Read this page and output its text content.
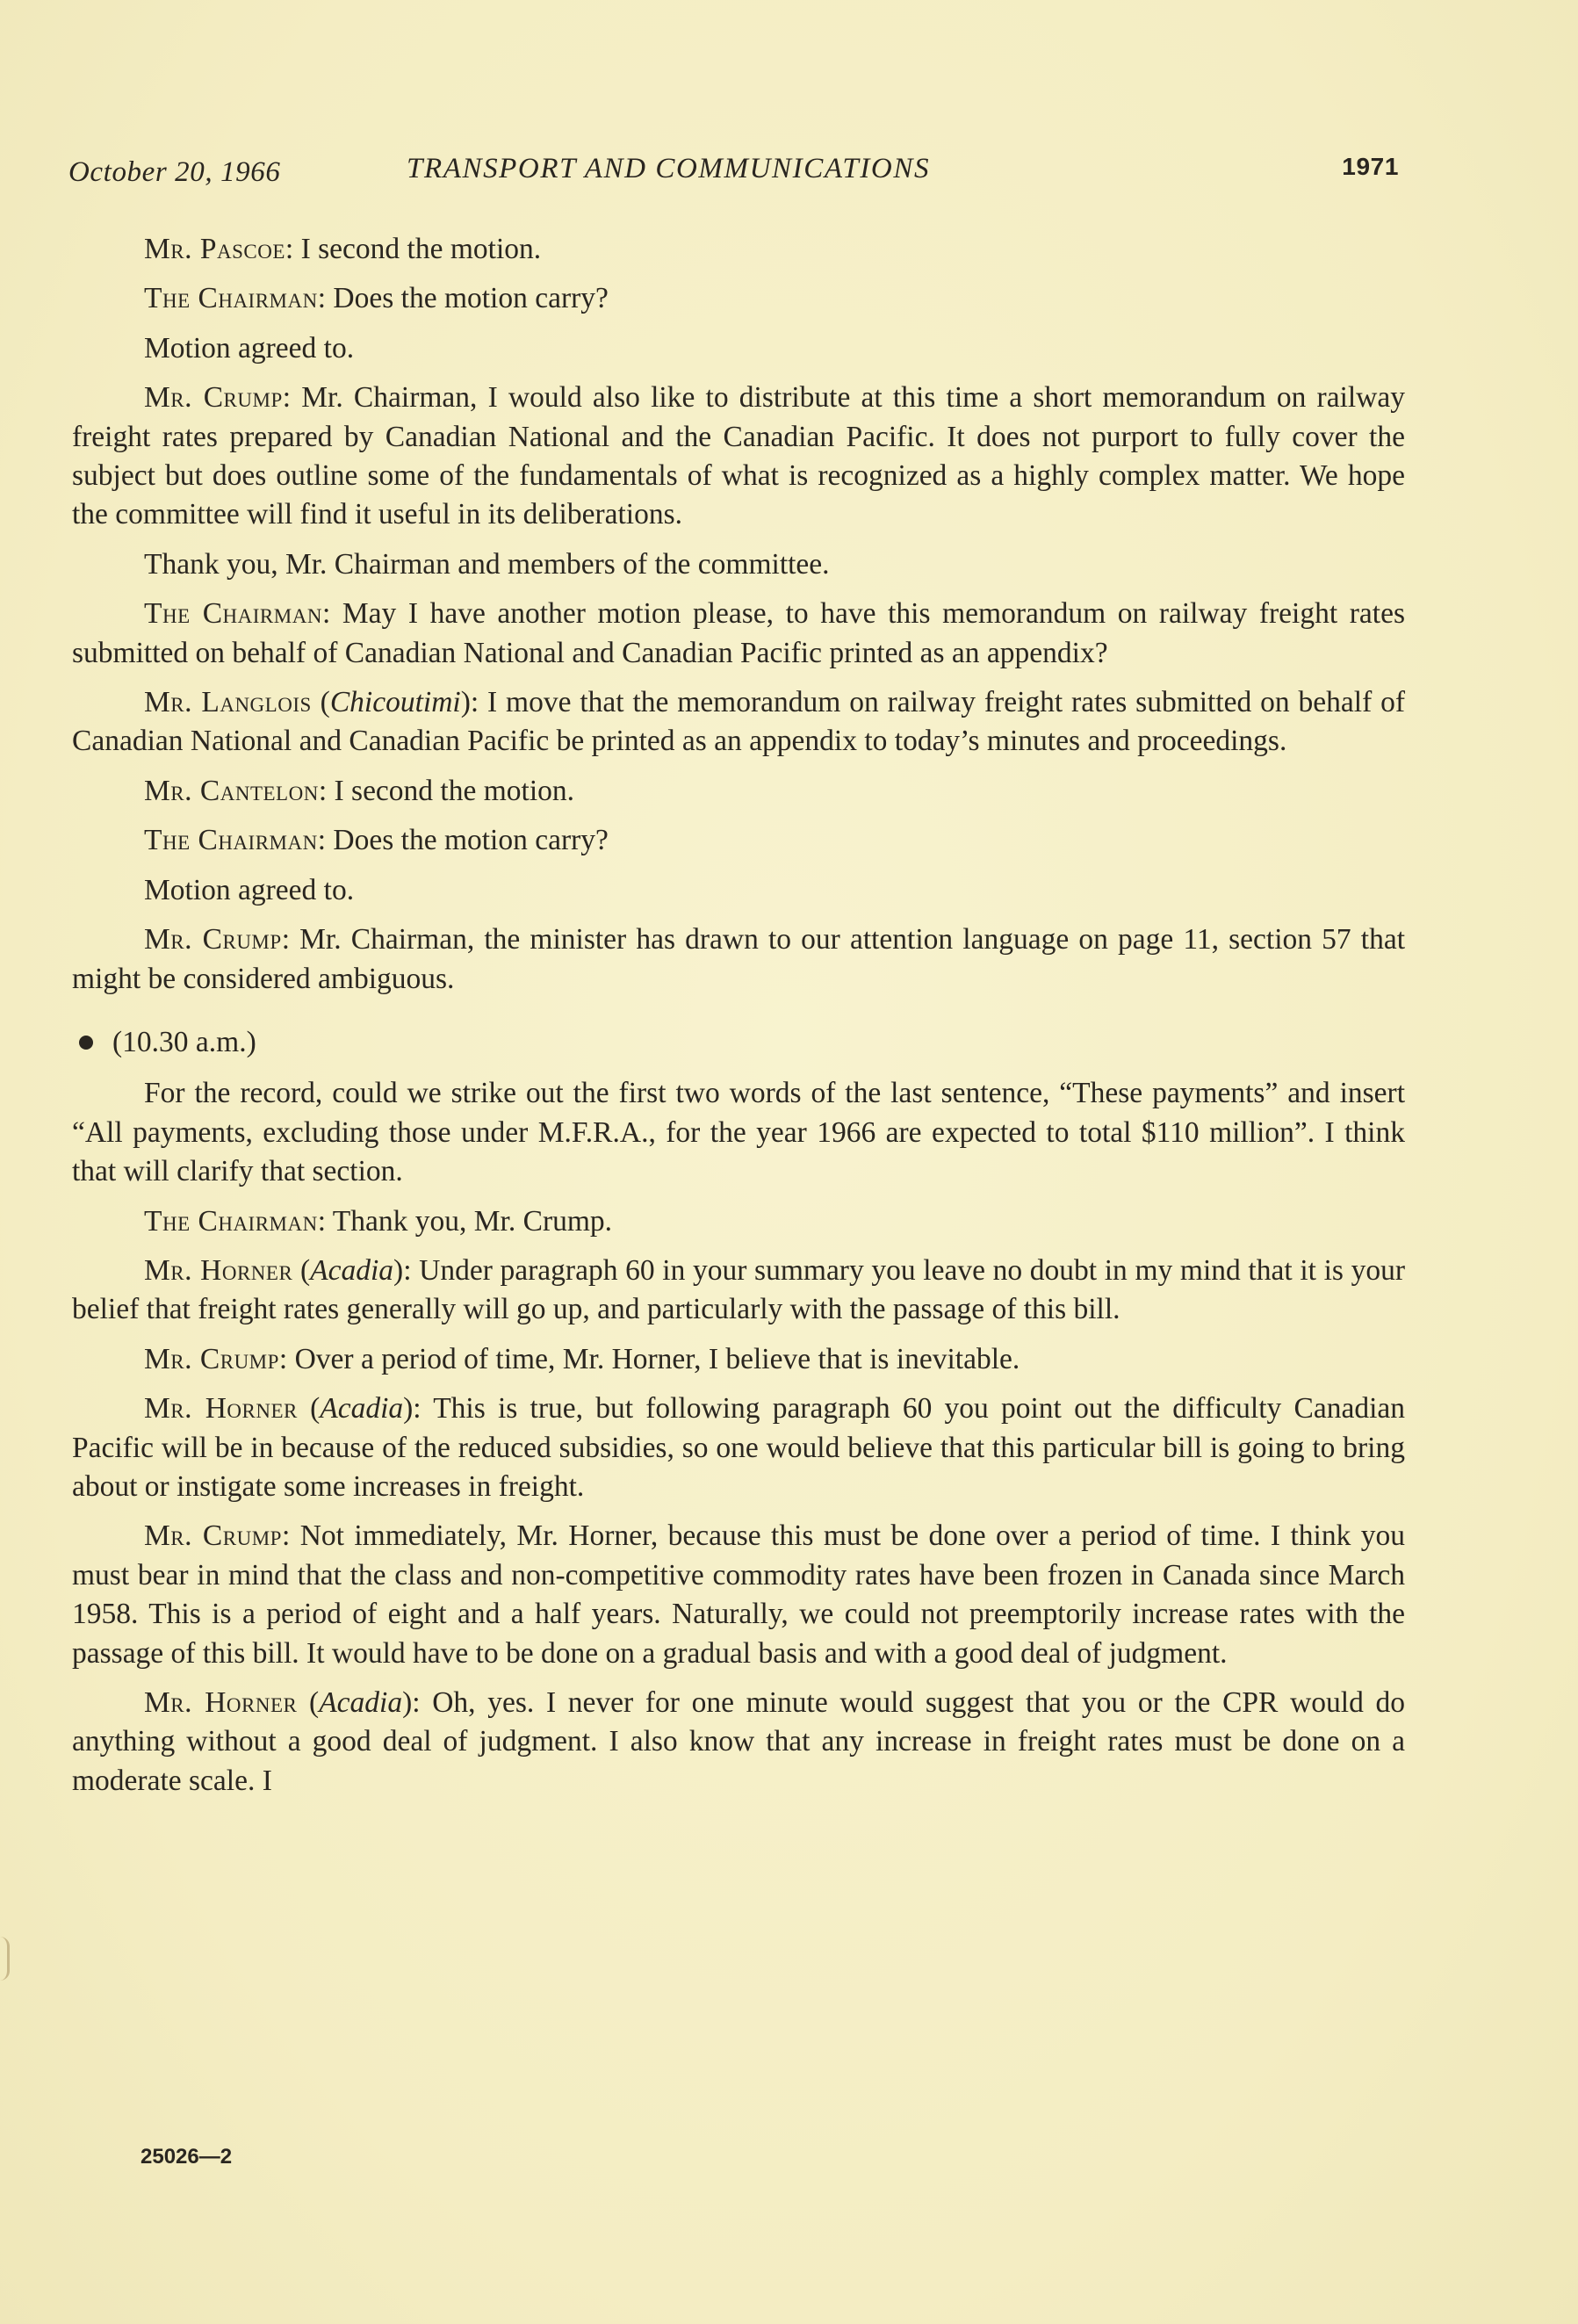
October 20, 1966	TRANSPORT AND COMMUNICATIONS	1971

Mr. Pascoe: I second the motion.

The Chairman: Does the motion carry?

Motion agreed to.

Mr. Crump: Mr. Chairman, I would also like to distribute at this time a short memorandum on railway freight rates prepared by Canadian National and the Canadian Pacific. It does not purport to fully cover the subject but does outline some of the fundamentals of what is recognized as a highly complex matter. We hope the committee will find it useful in its deliberations.

Thank you, Mr. Chairman and members of the committee.

The Chairman: May I have another motion please, to have this memorandum on railway freight rates submitted on behalf of Canadian National and Canadian Pacific printed as an appendix?

Mr. Langlois (Chicoutimi): I move that the memorandum on railway freight rates submitted on behalf of Canadian National and Canadian Pacific be printed as an appendix to today’s minutes and proceedings.

Mr. Cantelon: I second the motion.

The Chairman: Does the motion carry?

Motion agreed to.

Mr. Crump: Mr. Chairman, the minister has drawn to our attention language on page 11, section 57 that might be considered ambiguous.

(10.30 a.m.)

For the record, could we strike out the first two words of the last sentence, “These payments” and insert “All payments, excluding those under M.F.R.A., for the year 1966 are expected to total $110 million”. I think that will clarify that section.

The Chairman: Thank you, Mr. Crump.

Mr. Horner (Acadia): Under paragraph 60 in your summary you leave no doubt in my mind that it is your belief that freight rates generally will go up, and particularly with the passage of this bill.

Mr. Crump: Over a period of time, Mr. Horner, I believe that is inevitable.

Mr. Horner (Acadia): This is true, but following paragraph 60 you point out the difficulty Canadian Pacific will be in because of the reduced subsidies, so one would believe that this particular bill is going to bring about or instigate some increases in freight.

Mr. Crump: Not immediately, Mr. Horner, because this must be done over a period of time. I think you must bear in mind that the class and non-competitive commodity rates have been frozen in Canada since March 1958. This is a period of eight and a half years. Naturally, we could not preemptorily increase rates with the passage of this bill. It would have to be done on a gradual basis and with a good deal of judgment.

Mr. Horner (Acadia): Oh, yes. I never for one minute would suggest that you or the CPR would do anything without a good deal of judgment. I also know that any increase in freight rates must be done on a moderate scale. I

25026—2
